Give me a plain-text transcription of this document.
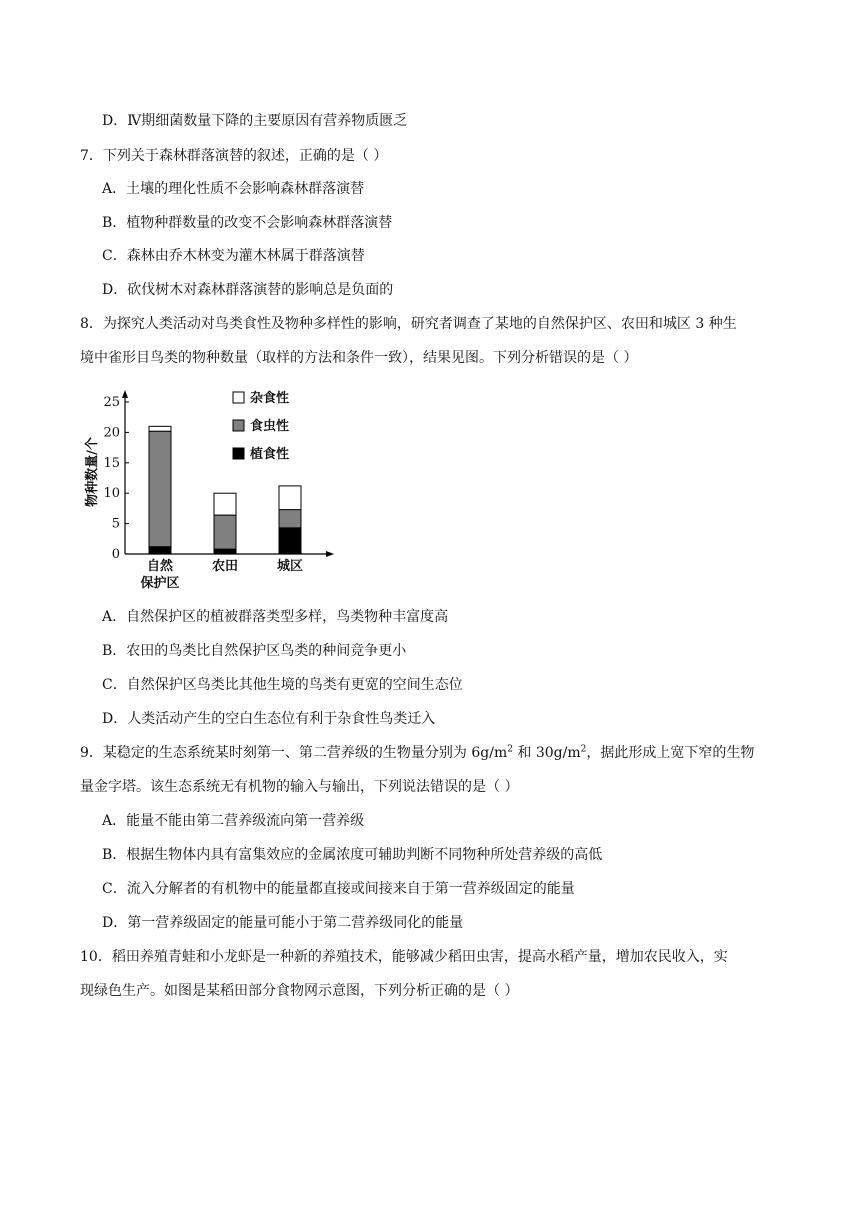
D．Ⅳ期细菌数量下降的主要原因有营养物质匮乏
7．下列关于森林群落演替的叙述，正确的是（ ）
A．土壤的理化性质不会影响森林群落演替
B．植物种群数量的改变不会影响森林群落演替
C．森林由乔木林变为灌木林属于群落演替
D．砍伐树木对森林群落演替的影响总是负面的
8．为探究人类活动对鸟类食性及物种多样性的影响，研究者调查了某地的自然保护区、农田和城区 3 种生
境中雀形目鸟类的物种数量（取样的方法和条件一致），结果见图。下列分析错误的是（ ）
0
5
10
15
20
25
物种数量/个
自然
保护区
农田	城区
杂食性
食虫性
植食性
A．自然保护区的植被群落类型多样，鸟类物种丰富度高
B．农田的鸟类比自然保护区鸟类的种间竞争更小
C．自然保护区鸟类比其他生境的鸟类有更宽的空间生态位
D．人类活动产生的空白生态位有利于杂食性鸟类迁入
9．某稳定的生态系统某时刻第一、第二营养级的生物量分别为 $6g/m^2$ 和 $30g/m^2$，据此形成上宽下窄的生物
量金字塔。该生态系统无有机物的输入与输出，下列说法错误的是（ ）
A．能量不能由第二营养级流向第一营养级
B．根据生物体内具有富集效应的金属浓度可辅助判断不同物种所处营养级的高低
C．流入分解者的有机物中的能量都直接或间接来自于第一营养级固定的能量
D．第一营养级固定的能量可能小于第二营养级同化的能量
10．稻田养殖青蛙和小龙虾是一种新的养殖技术，能够减少稻田虫害，提高水稻产量，增加农民收入，实
现绿色生产。如图是某稻田部分食物网示意图，下列分析正确的是（ ）
